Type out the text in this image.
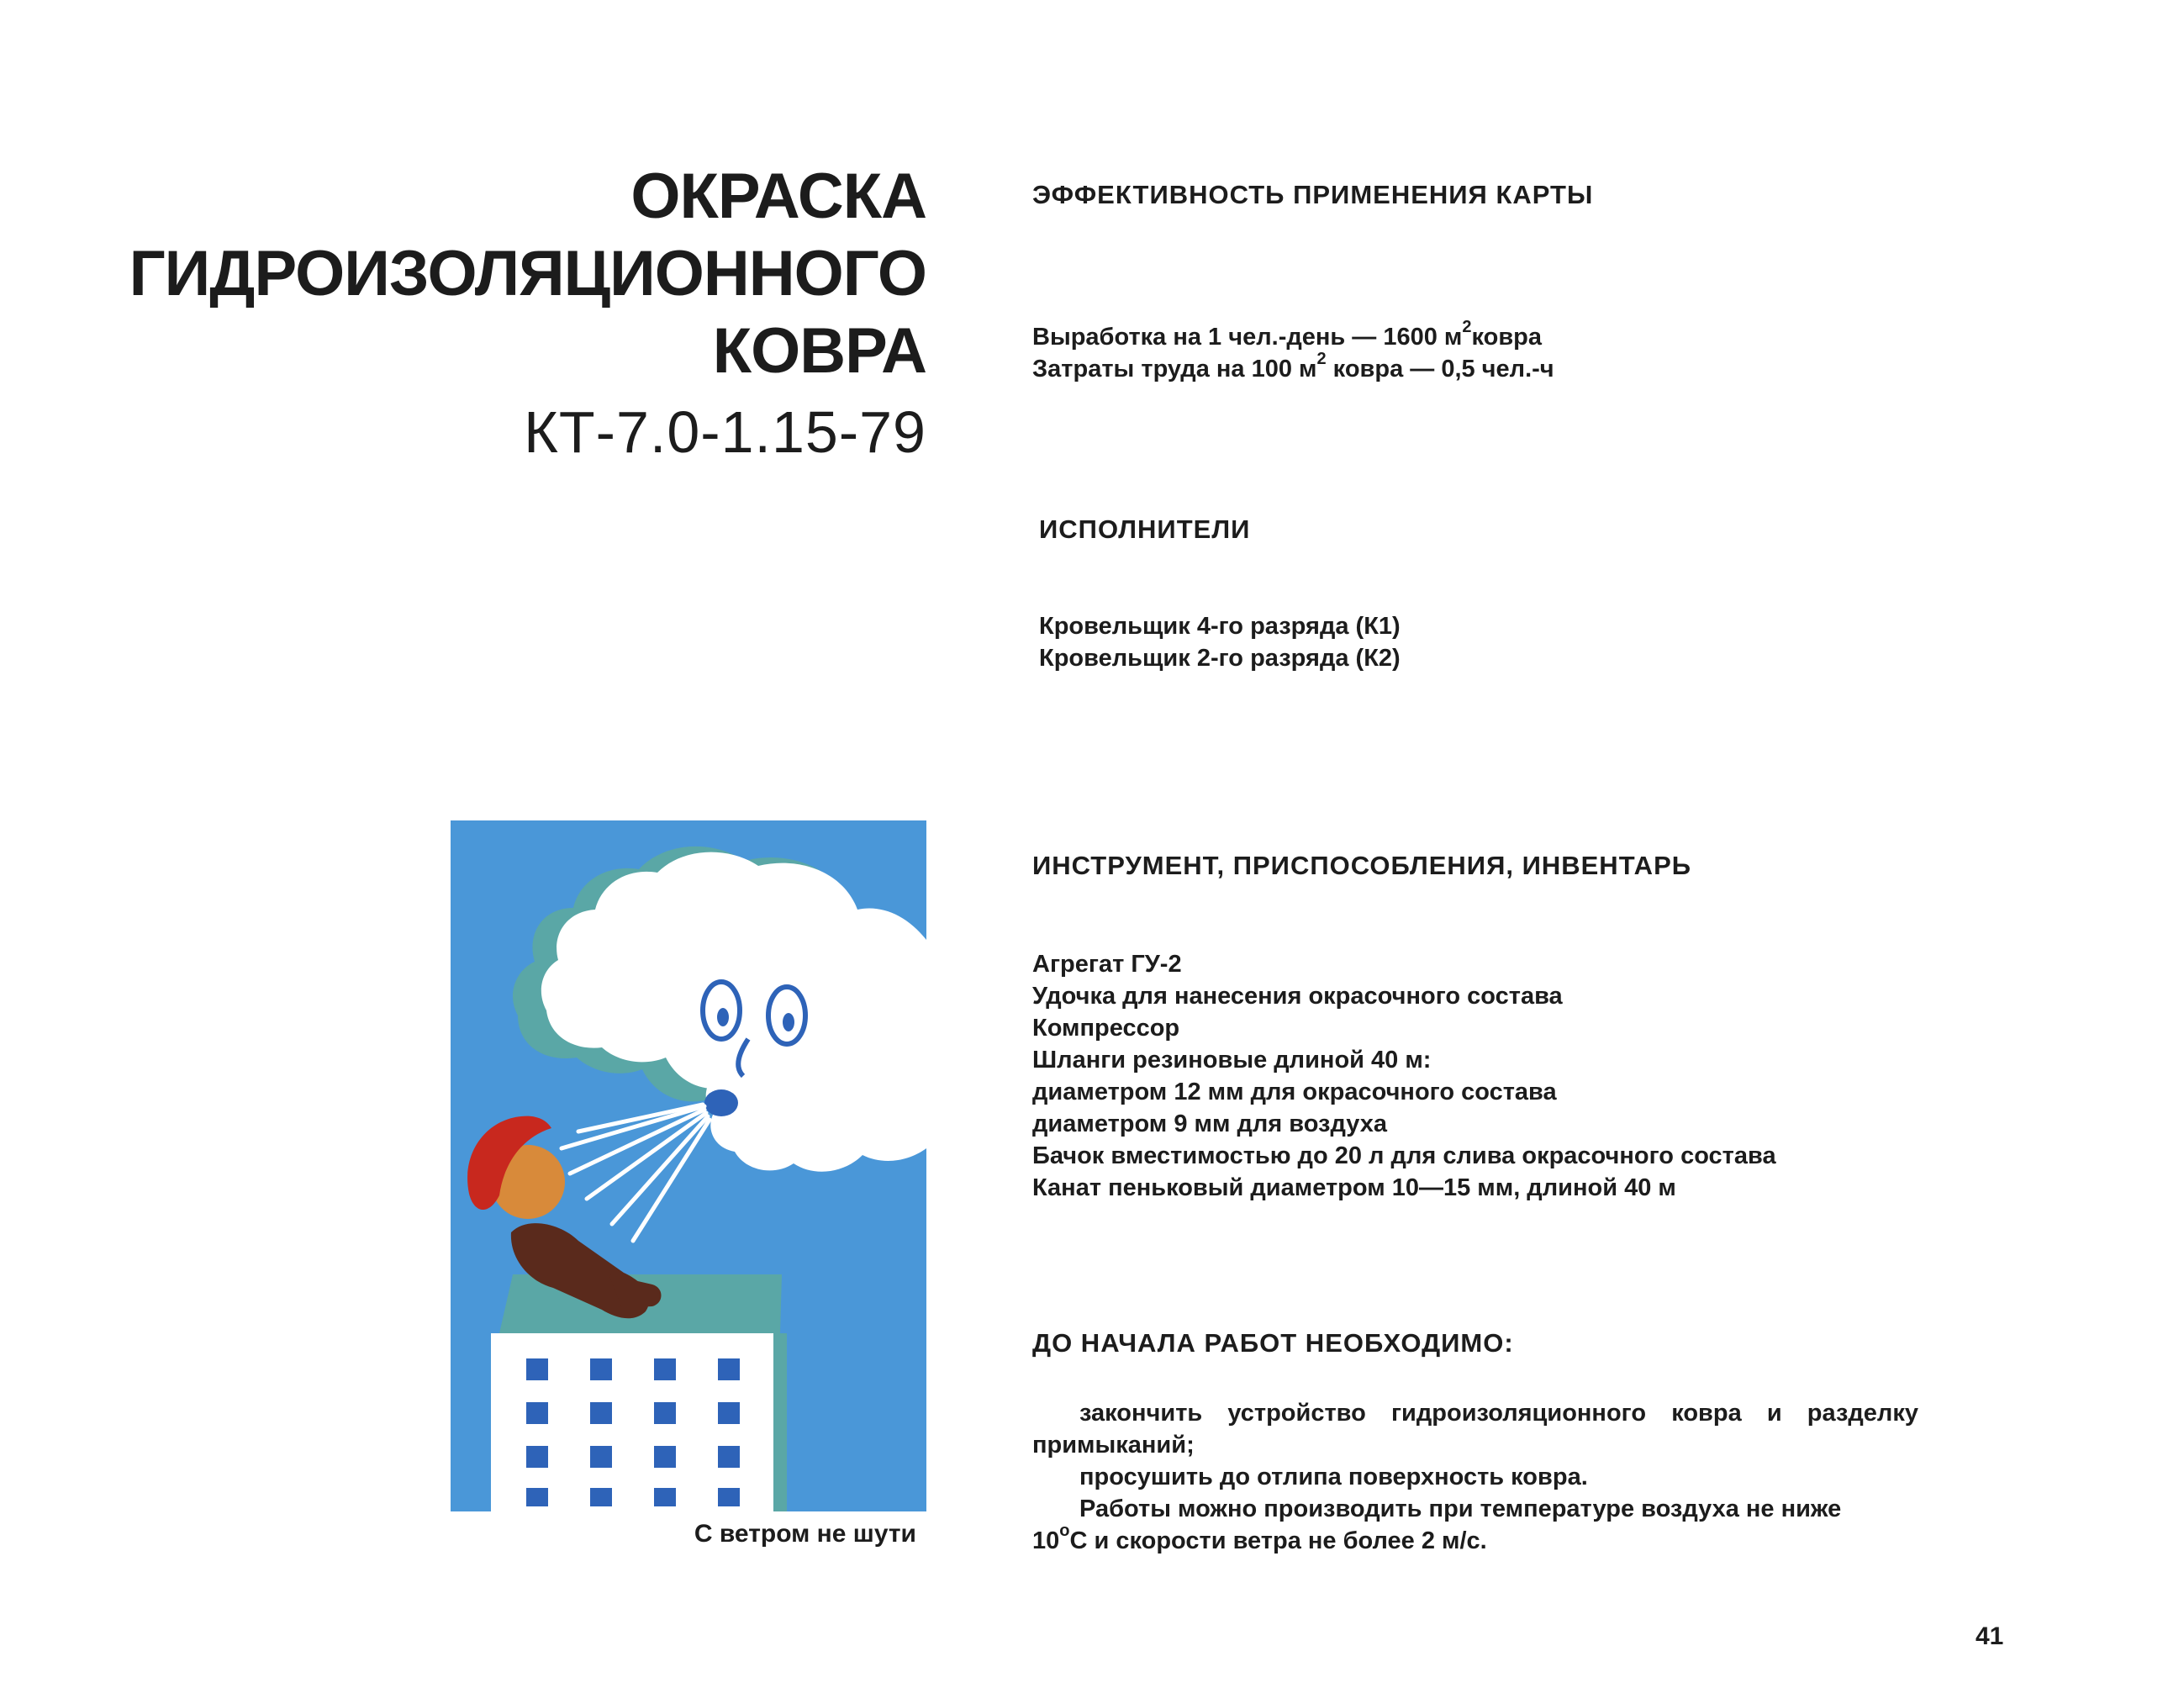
ОКРАСКА
ГИДРОИЗОЛЯЦИОННОГО
КОВРА
КТ-7.0-1.15-79
С ветром не шути
ЭФФЕКТИВНОСТЬ ПРИМЕНЕНИЯ КАРТЫ
Выработка на 1 чел.-день — 1600 $м^2ковра$
Затраты труда на 100 $м^2$ ковра — 0,5 чел.-ч
ИСПОЛНИТЕЛИ
Кровельщик 4-го разряда (К1)
Кровельщик 2-го разряда (К2)
ИНСТРУМЕНТ, ПРИСПОСОБЛЕНИЯ, ИНВЕНТАРЬ
Агрегат ГУ-2
Удочка для нанесения окрасочного состава
Компрессор
Шланги резиновые длиной 40 м:
диаметром 12 мм для окрасочного состава
диаметром 9 мм для воздуха
Бачок вместимостью до 20 л для слива окрасочного состава
Канат пеньковый диаметром 10—15 мм, длиной 40 м
ДО НАЧАЛА РАБОТ НЕОБХОДИМО:

закончить устройство гидроизоляционного ковра и разделку примыканий;

просушить до отлипа поверхность ковра.

Работы можно производить при температуре воздуха не ниже

$10^оС$ и скорости ветра не более 2 м/с.

41
